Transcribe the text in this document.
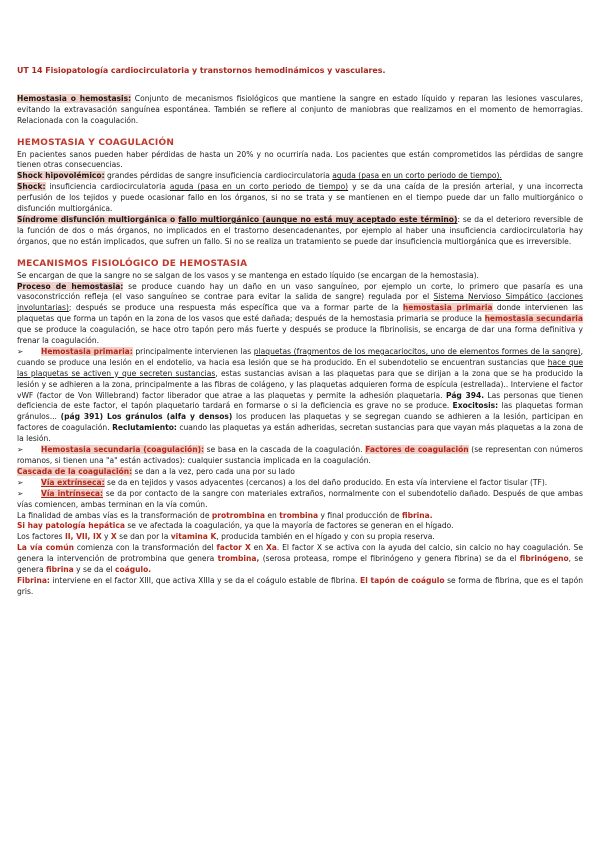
UT 14 Fisiopatología cardiocirculatoria y transtornos hemodinámicos y vasculares.

Hemostasia o hemostasis: Conjunto de mecanismos fisiológicos que mantiene la sangre en estado líquido y reparan las lesiones vasculares, evitando la extravasación sanguínea espontánea. También se refiere al conjunto de maniobras que realizamos en el momento de hemorragias. Relacionada con la coagulación.

HEMOSTASIA Y COAGULACIÓN

En pacientes sanos pueden haber pérdidas de hasta un 20% y no ocurriría nada. Los pacientes que están comprometidos las pérdidas de sangre tienen otras consecuencias.

Shock hipovolémico: grandes pérdidas de sangre insuficiencia cardiocirculatoria aguda (pasa en un corto periodo de tiempo).

Shock: insuficiencia cardiocirculatoria aguda (pasa en un corto periodo de tiempo) y se da una caída de la presión arterial, y una incorrecta perfusión de los tejidos y puede ocasionar fallo en los órganos, si no se trata y se mantienen en el tiempo puede dar un fallo multiorgánico o disfunción multiorgánica.

Síndrome disfunción multiorgánica o fallo multiorgánico (aunque no está muy aceptado este término): se da el deterioro reversible de la función de dos o más órganos, no implicados en el trastorno desencadenantes, por ejemplo al haber una insuficiencia cardiocirculatoria hay órganos, que no están implicados, que sufren un fallo. Si no se realiza un tratamiento se puede dar insuficiencia multiorgánica que es irreversible.

MECANISMOS FISIOLÓGICO DE HEMOSTASIA

Se encargan de que la sangre no se salgan de los vasos y se mantenga en estado líquido (se encargan de la hemostasia).

Proceso de hemostasia: se produce cuando hay un daño en un vaso sanguíneo, por ejemplo un corte, lo primero que pasaría es una vasoconstricción refleja (el vaso sanguíneo se contrae para evitar la salida de sangre) regulada por el Sistema Nervioso Simpático (acciones involuntarias); después se produce una respuesta más específica que va a formar parte de la hemostasia primaria donde intervienen las plaquetas que forma un tapón en la zona de los vasos que esté dañada; después de la hemostasia primaria se produce la hemostasia secundaria que se produce la coagulación, se hace otro tapón pero más fuerte y después se produce la fibrinolisis, se encarga de dar una forma definitiva y frenar la coagulación.

➢ Hemostasia primaria: principalmente intervienen las plaquetas (fragmentos de los megacariocitos, uno de elementos formes de la sangre), cuando se produce una lesión en el endotelio, va hacia esa lesión que se ha producido. En el subendotelio se encuentran sustancias que hace que las plaquetas se activen y que secreten sustancias, estas sustancias avisan a las plaquetas para que se dirijan a la zona que se ha producido la lesión y se adhieren a la zona, principalmente a las fibras de colágeno, y las plaquetas adquieren forma de espícula (estrellada).. Interviene el factor vWF (factor de Von Willebrand) factor liberador que atrae a las plaquetas y permite la adhesión plaquetaria. Pág 394. Las personas que tienen deficiencia de este factor, el tapón plaquetario tardará en formarse o si la deficiencia es grave no se produce. Exocitosis: las plaquetas forman gránulos... (pág 391) Los gránulos (alfa y densos) los producen las plaquetas y se segregan cuando se adhieren a la lesión, participan en factores de coagulación. Reclutamiento: cuando las plaquetas ya están adheridas, secretan sustancias para que vayan más plaquetas a la zona de la lesión.

➢ Hemostasia secundaria (coagulación): se basa en la cascada de la coagulación. Factores de coagulación (se representan con números romanos, si tienen una "a" están activados): cualquier sustancia implicada en la coagulación.

Cascada de la coagulación: se dan a la vez, pero cada una por su lado

➢ Vía extrínseca: se da en tejidos y vasos adyacentes (cercanos) a los del daño producido. En esta vía interviene el factor tisular (TF).

➢ Vía intrínseca: se da por contacto de la sangre con materiales extraños, normalmente con el subendotelio dañado. Después de que ambas vías comiencen, ambas terminan en la vía común.

La finalidad de ambas vías es la transformación de protrombina en trombina y final producción de fibrina.

Si hay patología hepática se ve afectada la coagulación, ya que la mayoría de factores se generan en el hígado.

Los factores II, VII, IX y X se dan por la vitamina K, producida también en el hígado y con su propia reserva.

La vía común comienza con la transformación del factor X en Xa. El factor X se activa con la ayuda del calcio, sin calcio no hay coagulación. Se genera la intervención de protrombina que genera trombina, (serosa proteasa, rompe el fibrinógeno y genera fibrina) se da el fibrinógeno, se genera fibrina y se da el coágulo.

Fibrina: interviene en el factor XIII, que activa XIIIa y se da el coágulo estable de fibrina. El tapón de coágulo se forma de fibrina, que es el tapón gris.
